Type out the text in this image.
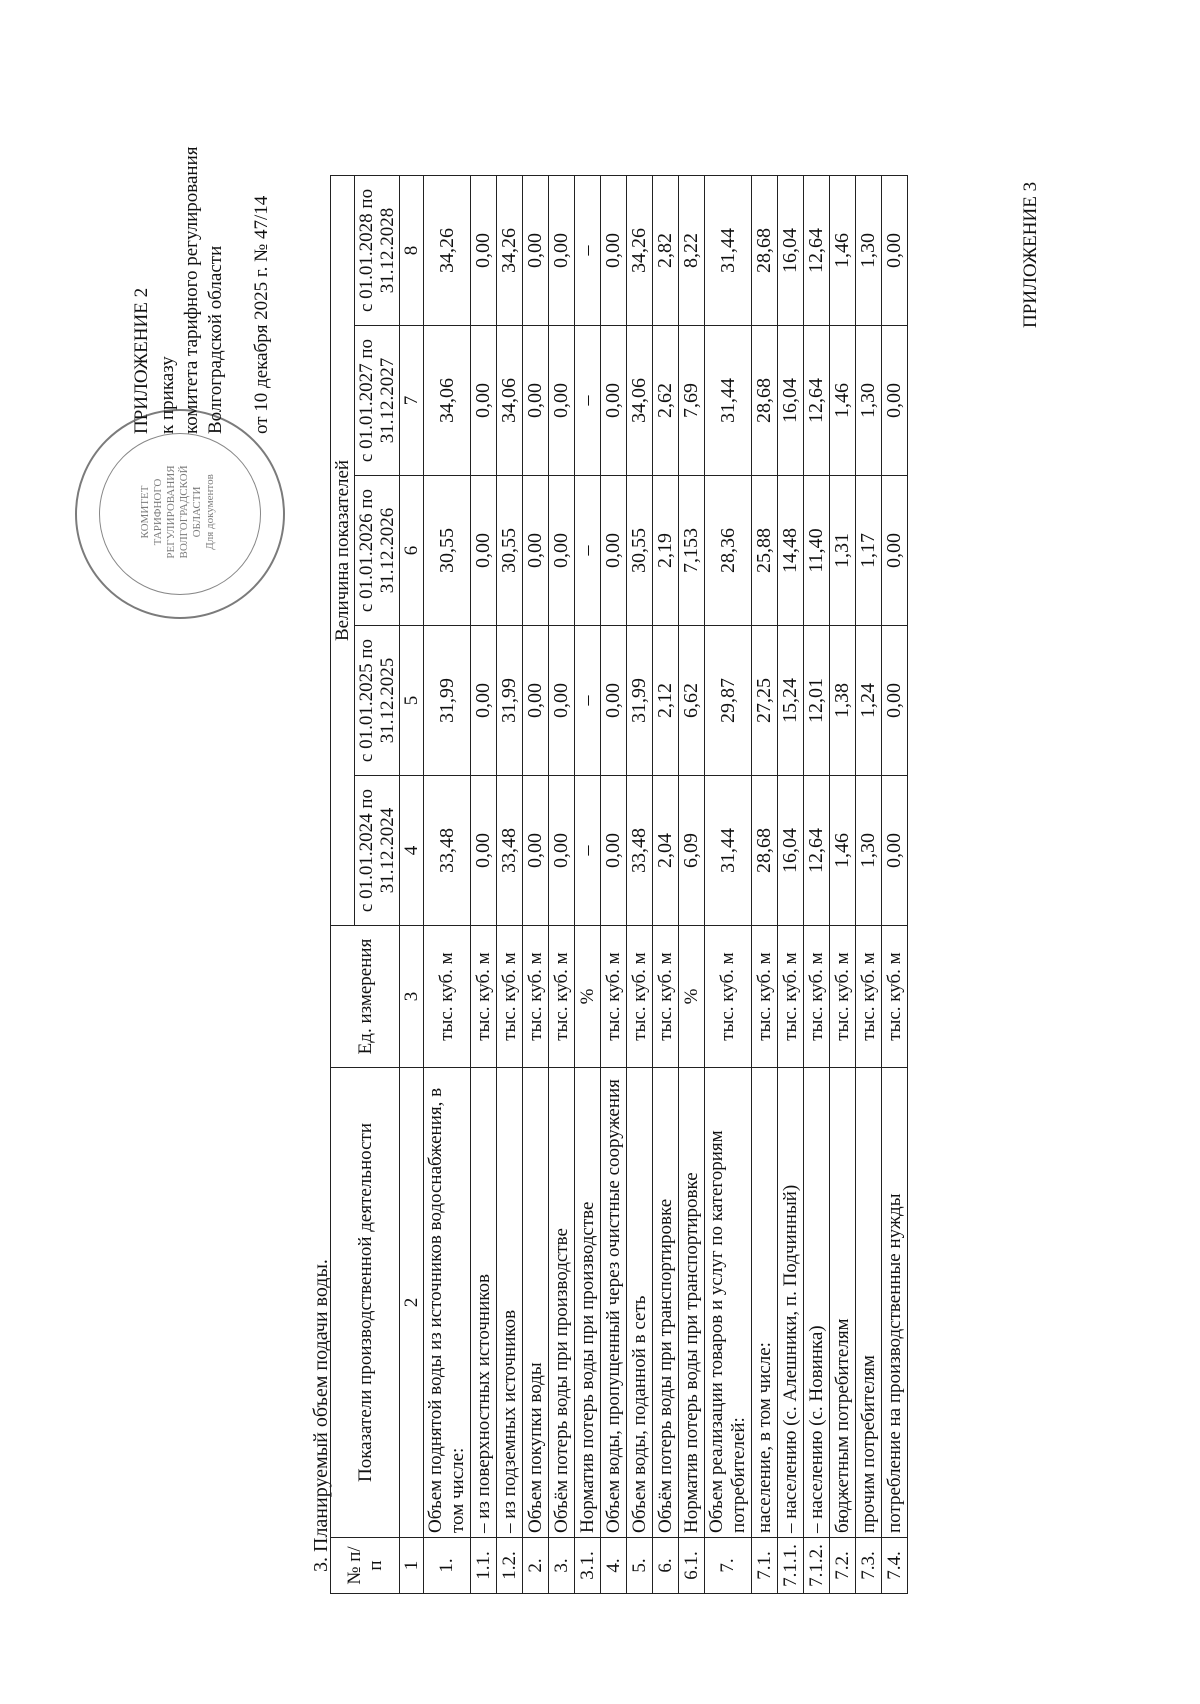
КОМИТЕТ ТАРИФНОГО РЕГУЛИРОВАНИЯ ВОЛГОГРАДСКОЙ ОБЛАСТИ Для документов
ПРИЛОЖЕНИЕ 2 к приказу комитета тарифного регулирования Волгоградской области от 10 декабря 2025 г. № 47/14
3. Планируемый объем подачи воды. № п/п	Показатели производственной деятельности	Ед. измерения	Величина показателей				
			с 01.01.2024 по 31.12.2024	с 01.01.2025 по 31.12.2025	с 01.01.2026 по 31.12.2026	с 01.01.2027 по 31.12.2027	с 01.01.2028 по 31.12.2028
1	2	3	4	5	6	7	8
1.	Объем поднятой воды из источников водоснабжения, в том числе:	тыс. куб. м	33,48	31,99	30,55	34,06	34,26
1.1.	– из поверхностных источников	тыс. куб. м	0,00	0,00	0,00	0,00	0,00
1.2.	– из подземных источников	тыс. куб. м	33,48	31,99	30,55	34,06	34,26
2.	Объем покупки воды	тыс. куб. м	0,00	0,00	0,00	0,00	0,00
3.	Объём потерь воды при производстве	тыс. куб. м	0,00	0,00	0,00	0,00	0,00
3.1.	Норматив потерь воды при производстве	%	–	–	–	–	–
4.	Объем воды, пропущенный через очистные сооружения	тыс. куб. м	0,00	0,00	0,00	0,00	0,00
5.	Объем воды, поданной в сеть	тыс. куб. м	33,48	31,99	30,55	34,06	34,26
6.	Объём потерь воды при транспортировке	тыс. куб. м	2,04	2,12	2,19	2,62	2,82
6.1.	Норматив потерь воды при транспортировке	%	6,09	6,62	7,153	7,69	8,22
7.	Объем реализации товаров и услуг по категориям потребителей:	тыс. куб. м	31,44	29,87	28,36	31,44	31,44
7.1.	население, в том числе:	тыс. куб. м	28,68	27,25	25,88	28,68	28,68
7.1.1.	– населению (с. Алешники, п. Подчинный)	тыс. куб. м	16,04	15,24	14,48	16,04	16,04
7.1.2.	– населению (с. Новинка)	тыс. куб. м	12,64	12,01	11,40	12,64	12,64
7.2.	бюджетным потребителям	тыс. куб. м	1,46	1,38	1,31	1,46	1,46
7.3.	прочим потребителям	тыс. куб. м	1,30	1,24	1,17	1,30	1,30
7.4.	потребление на производственные нужды	тыс. куб. м	0,00	0,00	0,00	0,00	0,00	ПРИЛОЖЕНИЕ 3
